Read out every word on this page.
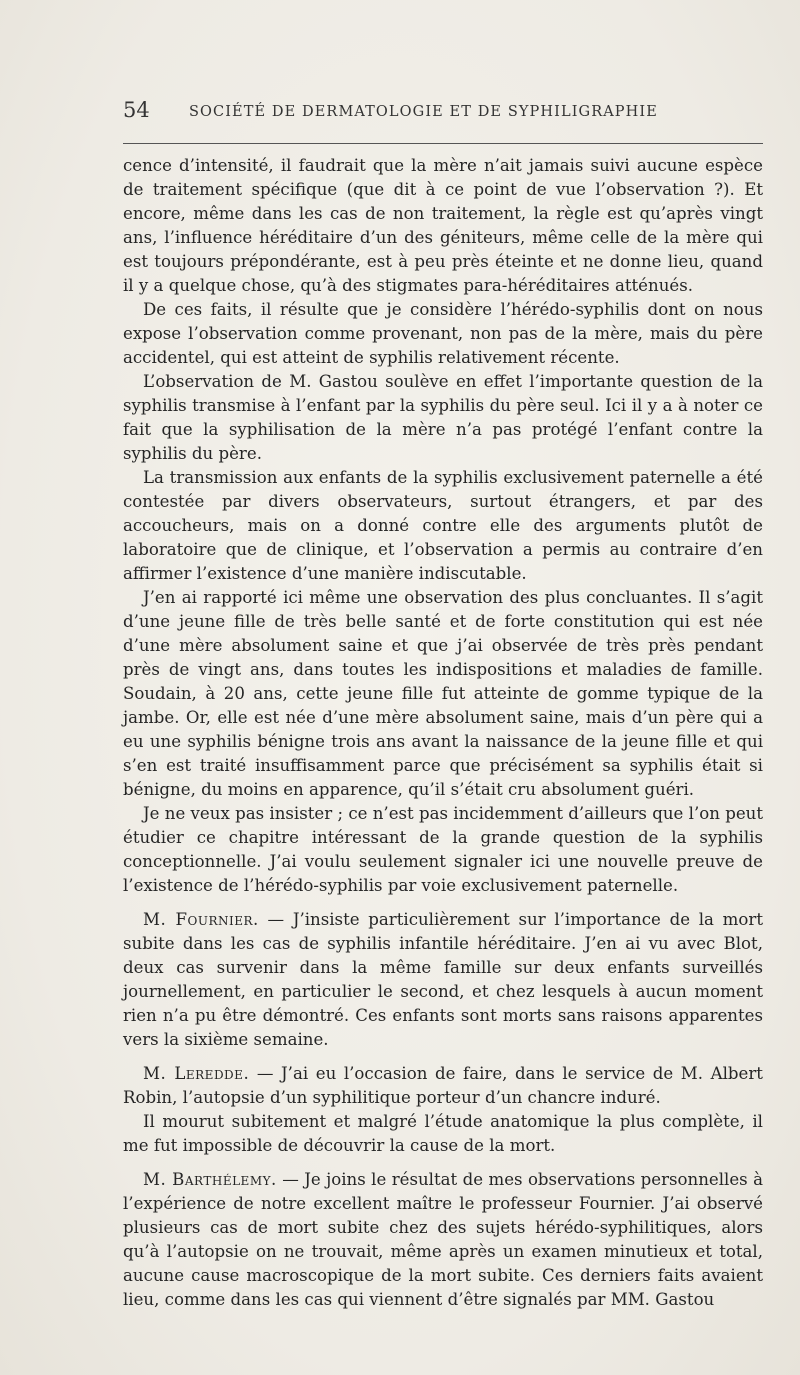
54	SOCIÉTÉ DE DERMATOLOGIE ET DE SYPHILIGRAPHIE

cence d’intensité, il faudrait que la mère n’ait jamais suivi aucune espèce de traitement spécifique (que dit à ce point de vue l’observation ?). Et encore, même dans les cas de non traitement, la règle est qu’après vingt ans, l’influence héréditaire d’un des géniteurs, même celle de la mère qui est toujours prépondérante, est à peu près éteinte et ne donne lieu, quand il y a quelque chose, qu’à des stigmates para-héréditaires atténués.

De ces faits, il résulte que je considère l’hérédo-syphilis dont on nous expose l’observation comme provenant, non pas de la mère, mais du père accidentel, qui est atteint de syphilis relativement récente.

L’observation de M. Gastou soulève en effet l’importante question de la syphilis transmise à l’enfant par la syphilis du père seul. Ici il y a à noter ce fait que la syphilisation de la mère n’a pas protégé l’enfant contre la syphilis du père.

La transmission aux enfants de la syphilis exclusivement paternelle a été contestée par divers observateurs, surtout étrangers, et par des accoucheurs, mais on a donné contre elle des arguments plutôt de laboratoire que de clinique, et l’observation a permis au contraire d’en affirmer l’existence d’une manière indiscutable.

J’en ai rapporté ici même une observation des plus concluantes. Il s’agit d’une jeune fille de très belle santé et de forte constitution qui est née d’une mère absolument saine et que j’ai observée de très près pendant près de vingt ans, dans toutes les indispositions et maladies de famille. Soudain, à 20 ans, cette jeune fille fut atteinte de gomme typique de la jambe. Or, elle est née d’une mère absolument saine, mais d’un père qui a eu une syphilis bénigne trois ans avant la naissance de la jeune fille et qui s’en est traité insuffisamment parce que précisément sa syphilis était si bénigne, du moins en apparence, qu’il s’était cru absolument guéri.

Je ne veux pas insister ; ce n’est pas incidemment d’ailleurs que l’on peut étudier ce chapitre intéressant de la grande question de la syphilis conceptionnelle. J’ai voulu seulement signaler ici une nouvelle preuve de l’existence de l’hérédo-syphilis par voie exclusivement paternelle.

M. Fournier. — J’insiste particulièrement sur l’importance de la mort subite dans les cas de syphilis infantile héréditaire. J’en ai vu avec Blot, deux cas survenir dans la même famille sur deux enfants surveillés journellement, en particulier le second, et chez lesquels à aucun moment rien n’a pu être démontré. Ces enfants sont morts sans raisons apparentes vers la sixième semaine.

M. Leredde. — J’ai eu l’occasion de faire, dans le service de M. Albert Robin, l’autopsie d’un syphilitique porteur d’un chancre induré.

Il mourut subitement et malgré l’étude anatomique la plus complète, il me fut impossible de découvrir la cause de la mort.

M. Barthélemy. — Je joins le résultat de mes observations personnelles à l’expérience de notre excellent maître le professeur Fournier. J’ai observé plusieurs cas de mort subite chez des sujets hérédo-syphilitiques, alors qu’à l’autopsie on ne trouvait, même après un examen minutieux et total, aucune cause macroscopique de la mort subite. Ces derniers faits avaient lieu, comme dans les cas qui viennent d’être signalés par MM. Gastou
